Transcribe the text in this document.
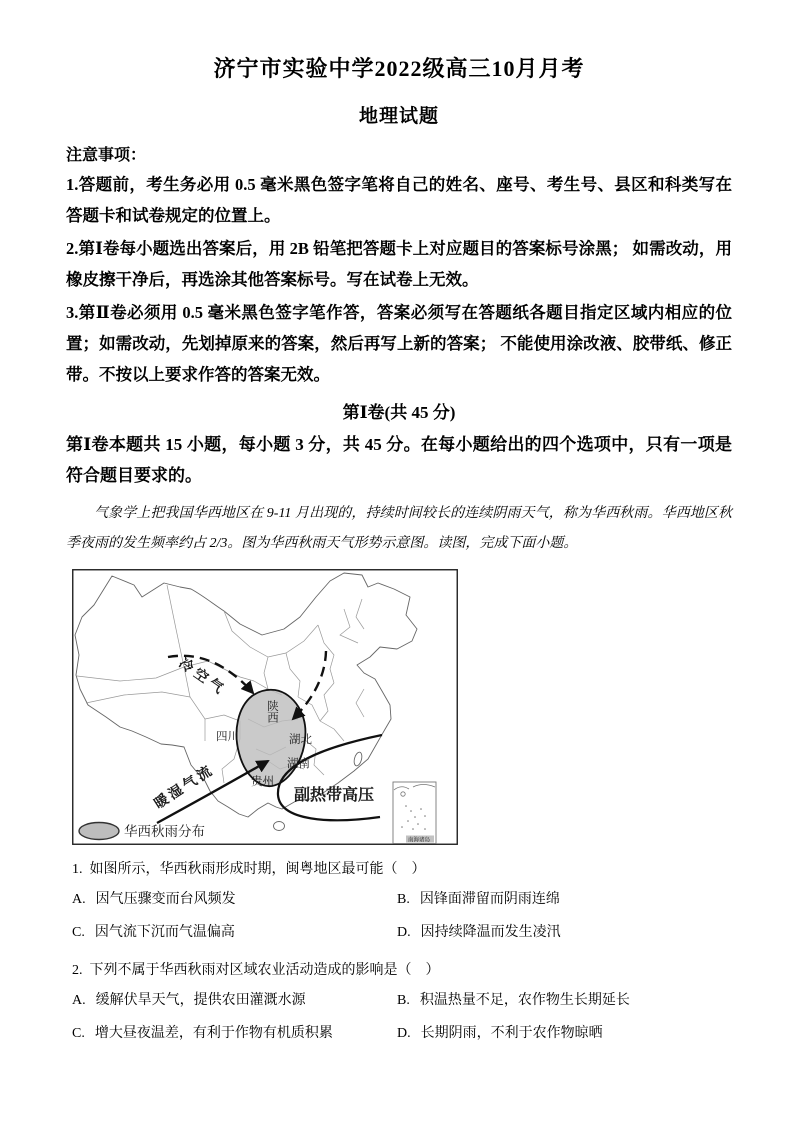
济宁市实验中学2022级高三10月月考
地理试题
注意事项：

1.答题前，考生务必用 0.5 毫米黑色签字笔将自己的姓名、座号、考生号、县区和科类写在答题卡和试卷规定的位置上。

2.第Ⅰ卷每小题选出答案后，用 2B 铅笔把答题卡上对应题目的答案标号涂黑； 如需改动，用橡皮擦干净后，再选涂其他答案标号。写在试卷上无效。

3.第Ⅱ卷必须用 0.5 毫米黑色签字笔作答，答案必须写在答题纸各题目指定区域内相应的位置；如需改动，先划掉原来的答案，然后再写上新的答案； 不能使用涂改液、胶带纸、修正带。不按以上要求作答的答案无效。

第Ⅰ卷(共 45 分)

第Ⅰ卷本题共 15 小题，每小题 3 分，共 45 分。在每小题给出的四个选项中，只有一项是符合题目要求的。

气象学上把我国华西地区在 9-11 月出现的，持续时间较长的连续阴雨天气，称为华西秋雨。华西地区秋季夜雨的发生频率约占 2/3。图为华西秋雨天气形势示意图。读图，完成下面小题。

冷空气
暖湿气流	副热带高压
陕西
四川	湖北
湖南
贵州
华西秋雨分布
南海诸岛
1. 如图所示，华西秋雨形成时期，闽粤地区最可能（　）
A. 因气压骤变而台风频发	B. 因锋面滞留而阴雨连绵
C. 因气流下沉而气温偏高	D. 因持续降温而发生凌汛
2. 下列不属于华西秋雨对区域农业活动造成的影响是（　）
A. 缓解伏旱天气，提供农田灌溉水源	B. 积温热量不足，农作物生长期延长
C. 增大昼夜温差，有利于作物有机质积累	D. 长期阴雨，不利于农作物晾晒
